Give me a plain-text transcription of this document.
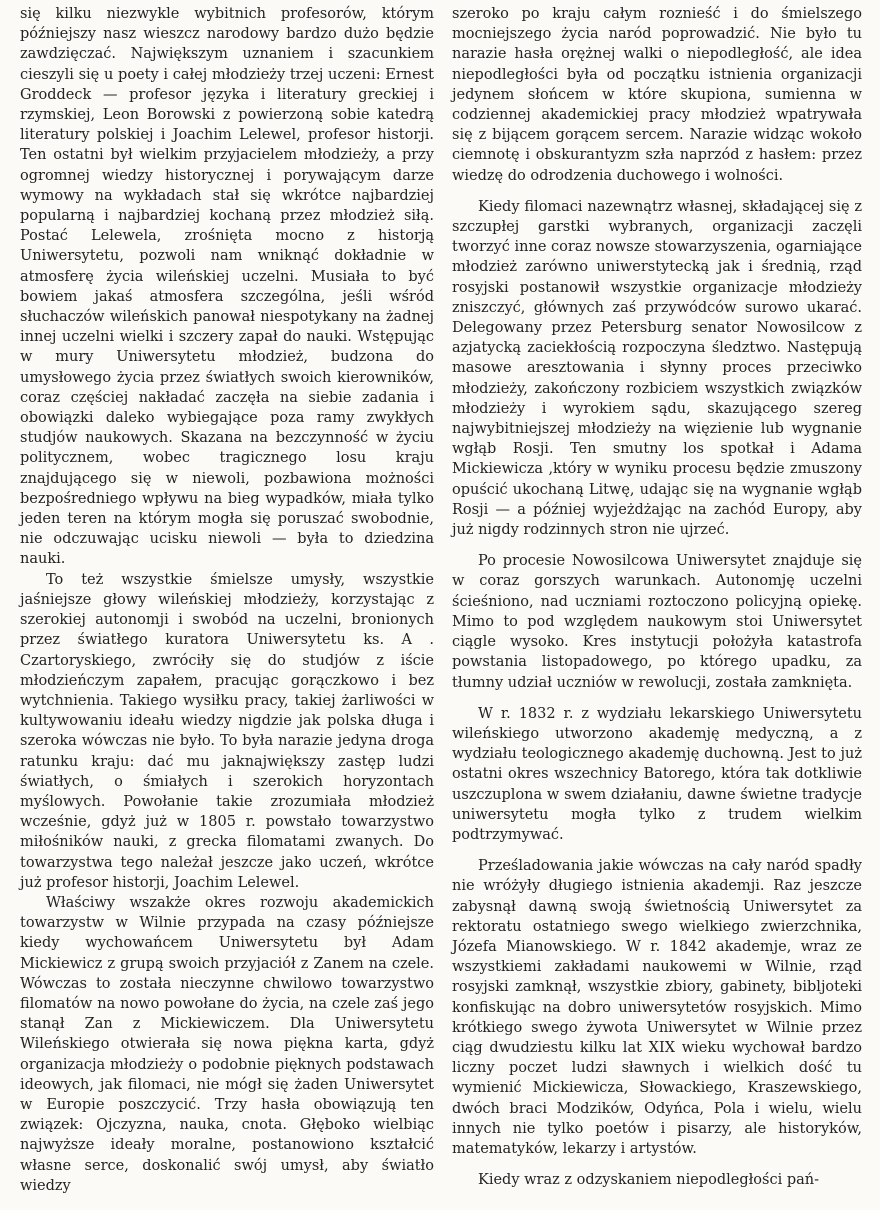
się kilku niezwykle wybitnich profesorów, którym późniejszy nasz wieszcz narodowy bardzo dużo będzie zawdzięczać. Największym uznaniem i szacunkiem cieszyli się u poety i całej młodzieży trzej uczeni: Ernest Groddeck — profesor języka i literatury greckiej i rzymskiej, Leon Borowski z powierzoną sobie katedrą literatury polskiej i Joachim Lelewel, profesor historji. Ten ostatni był wielkim przyjacielem młodzieży, a przy ogromnej wiedzy historycznej i porywającym darze wymowy na wykładach stał się wkrótce najbardziej popularną i najbardziej kochaną przez młodzież siłą. Postać Lelewela, zrośnięta mocno z historją Uniwersytetu, pozwoli nam wniknąć dokładnie w atmosferę życia wileńskiej uczelni. Musiała to być bowiem jakaś atmosfera szczególna, jeśli wśród słuchaczów wileńskich panował niespotykany na żadnej innej uczelni wielki i szczery zapał do nauki. Wstępując w mury Uniwersytetu młodzież, budzona do umysłowego życia przez światłych swoich kierowników, coraz częściej nakładać zaczęła na siebie zadania i obowiązki daleko wybiegające poza ramy zwykłych studjów naukowych. Skazana na bezczynność w życiu politycznem, wobec tragicznego losu kraju znajdującego się w niewoli, pozbawiona możności bezpośredniego wpływu na bieg wypadków, miała tylko jeden teren na którym mogła się poruszać swobodnie, nie odczuwając ucisku niewoli — była to dziedzina nauki.

To też wszystkie śmielsze umysły, wszystkie jaśniejsze głowy wileńskiej młodzieży, korzystając z szerokiej autonomji i swobód na uczelni, bronionych przez światłego kuratora Uniwersytetu ks. A . Czartoryskiego, zwróciły się do studjów z iście młodzieńczym zapałem, pracując gorączkowo i bez wytchnienia. Takiego wysiłku pracy, takiej żarliwości w kultywowaniu ideału wiedzy nigdzie jak polska długa i szeroka wówczas nie było. To była narazie jedyna droga ratunku kraju: dać mu jaknajwiększy zastęp ludzi światłych, o śmiałych i szerokich horyzontach myślowych. Powołanie takie zrozumiała młodzież wcześnie, gdyż już w 1805 r. powstało towarzystwo miłośników nauki, z grecka filomatami zwanych. Do towarzystwa tego należał jeszcze jako uczeń, wkrótce już profesor historji, Joachim Lelewel.

Właściwy wszakże okres rozwoju akademickich towarzystw w Wilnie przypada na czasy późniejsze kiedy wychowańcem Uniwersytetu był Adam Mickiewicz z grupą swoich przyjaciół z Zanem na czele. Wówczas to została nieczynne chwilowo towarzystwo filomatów na nowo powołane do życia, na czele zaś jego stanął Zan z Mickiewiczem. Dla Uniwersytetu Wileńskiego otwierała się nowa piękna karta, gdyż organizacja młodzieży o podobnie pięknych podstawach ideowych, jak filomaci, nie mógł się żaden Uniwersytet w Europie poszczycić. Trzy hasła obowiązują ten związek: Ojczyzna, nauka, cnota. Głęboko wielbiąc najwyższe ideały moralne, postanowiono kształcić własne serce, doskonalić swój umysł, aby światło wiedzy

szeroko po kraju całym roznieść i do śmielszego mocniejszego życia naród poprowadzić. Nie było tu narazie hasła orężnej walki o niepodległość, ale idea niepodległości była od początku istnienia organizacji jedynem słońcem w które skupiona, sumienna w codziennej akademickiej pracy młodzież wpatrywała się z bijącem gorącem sercem. Narazie widząc wokoło ciemnotę i obskurantyzm szła naprzód z hasłem: przez wiedzę do odrodzenia duchowego i wolności.

Kiedy filomaci nazewnątrz własnej, składającej się z szczupłej garstki wybranych, organizacji zaczęli tworzyć inne coraz nowsze stowarzyszenia, ogarniające młodzież zarówno uniwerstytecką jak i średnią, rząd rosyjski postanowił wszystkie organizacje młodzieży zniszczyć, głównych zaś przywódców surowo ukarać. Delegowany przez Petersburg senator Nowosilcow z azjatycką zaciekłością rozpoczyna śledztwo. Następują masowe aresztowania i słynny proces przeciwko młodzieży, zakończony rozbiciem wszystkich związków młodzieży i wyrokiem sądu, skazującego szereg najwybitniejszej młodzieży na więzienie lub wygnanie wgłąb Rosji. Ten smutny los spotkał i Adama Mickiewicza ,który w wyniku procesu będzie zmuszony opuścić ukochaną Litwę, udając się na wygnanie wgłąb Rosji — a później wyjeżdżając na zachód Europy, aby już nigdy rodzinnych stron nie ujrzeć.

Po procesie Nowosilcowa Uniwersytet znajduje się w coraz gorszych warunkach. Autonomję uczelni ścieśniono, nad uczniami roztoczono policyjną opiekę. Mimo to pod względem naukowym stoi Uniwersytet ciągle wysoko. Kres instytucji położyła katastrofa powstania listopadowego, po którego upadku, za tłumny udział uczniów w rewolucji, została zamknięta.

W r. 1832 r. z wydziału lekarskiego Uniwersytetu wileńskiego utworzono akademję medyczną, a z wydziału teologicznego akademję duchowną. Jest to już ostatni okres wszechnicy Batorego, która tak dotkliwie uszczuplona w swem działaniu, dawne świetne tradycje uniwersytetu mogła tylko z trudem wielkim podtrzymywać.

Prześladowania jakie wówczas na cały naród spadły nie wróżyły długiego istnienia akademji. Raz jeszcze zabysnął dawną swoją świetnością Uniwersytet za rektoratu ostatniego swego wielkiego zwierzchnika, Józefa Mianowskiego. W r. 1842 akademje, wraz ze wszystkiemi zakładami naukowemi w Wilnie, rząd rosyjski zamknął, wszystkie zbiory, gabinety, bibljoteki konfiskując na dobro uniwersytetów rosyjskich. Mimo krótkiego swego żywota Uniwersytet w Wilnie przez ciąg dwudziestu kilku lat XIX wieku wychował bardzo liczny poczet ludzi sławnych i wielkich dość tu wymienić Mickiewicza, Słowackiego, Kraszewskiego, dwóch braci Modzików, Odyńca, Pola i wielu, wielu innych nie tylko poetów i pisarzy, ale historyków, matematyków, lekarzy i artystów.

Kiedy wraz z odzyskaniem niepodległości pań-
